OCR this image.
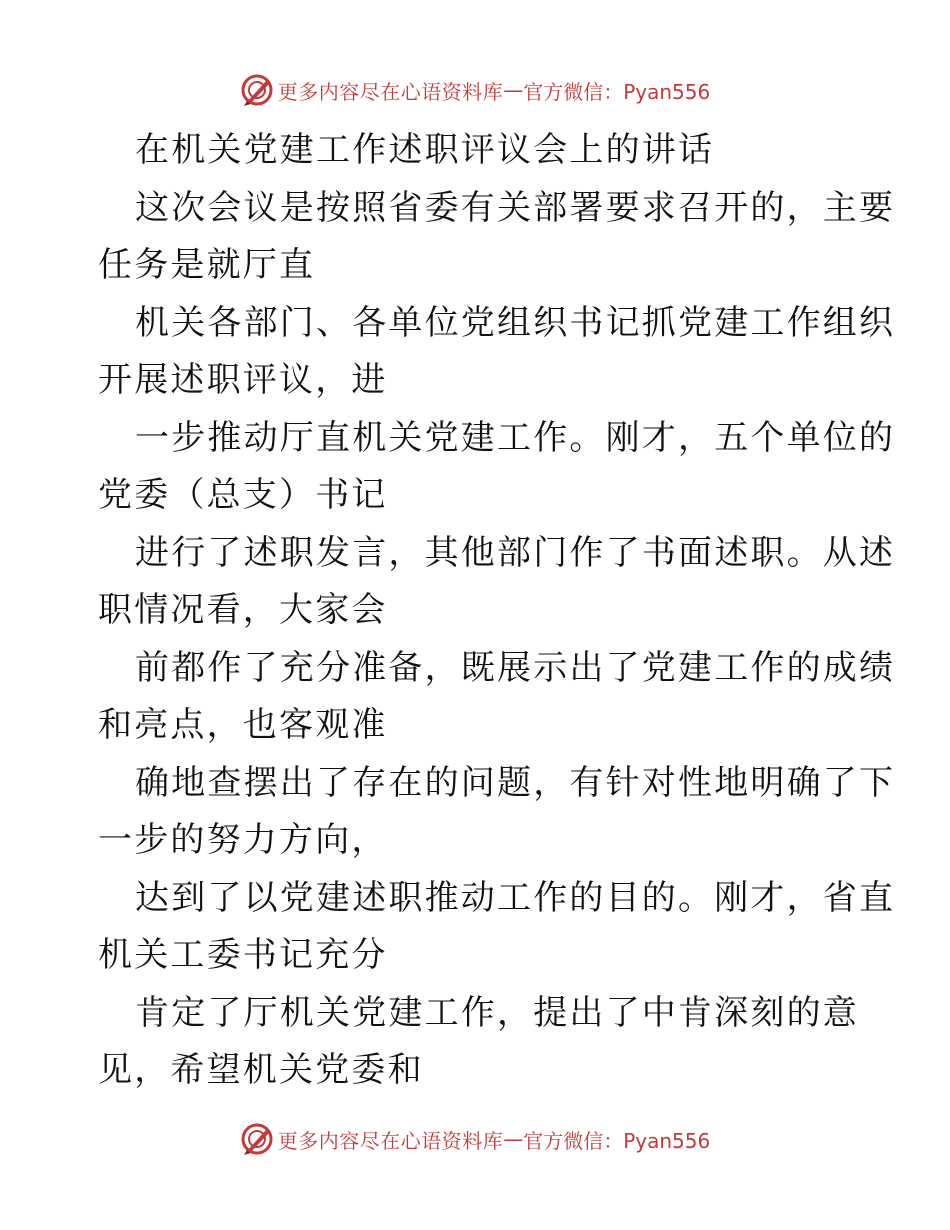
更多内容尽在心语资料库 — 官方微信：Pyan556
在机关党建工作述职评议会上的讲话
这次会议是按照省委有关部署要求召开的，主要
任务是就厅直
机关各部门、各单位党组织书记抓党建工作组织
开展述职评议，进
一步推动厅直机关党建工作。刚才，五个单位的
党委（总支）书记
进行了述职发言，其他部门作了书面述职。从述
职情况看，大家会
前都作了充分准备，既展示出了党建工作的成绩
和亮点，也客观准
确地查摆出了存在的问题，有针对性地明确了下
一步的努力方向，
达到了以党建述职推动工作的目的。刚才，省直
机关工委书记充分
肯定了厅机关党建工作，提出了中肯深刻的意
见，希望机关党委和
更多内容尽在心语资料库 — 官方微信：Pyan556
